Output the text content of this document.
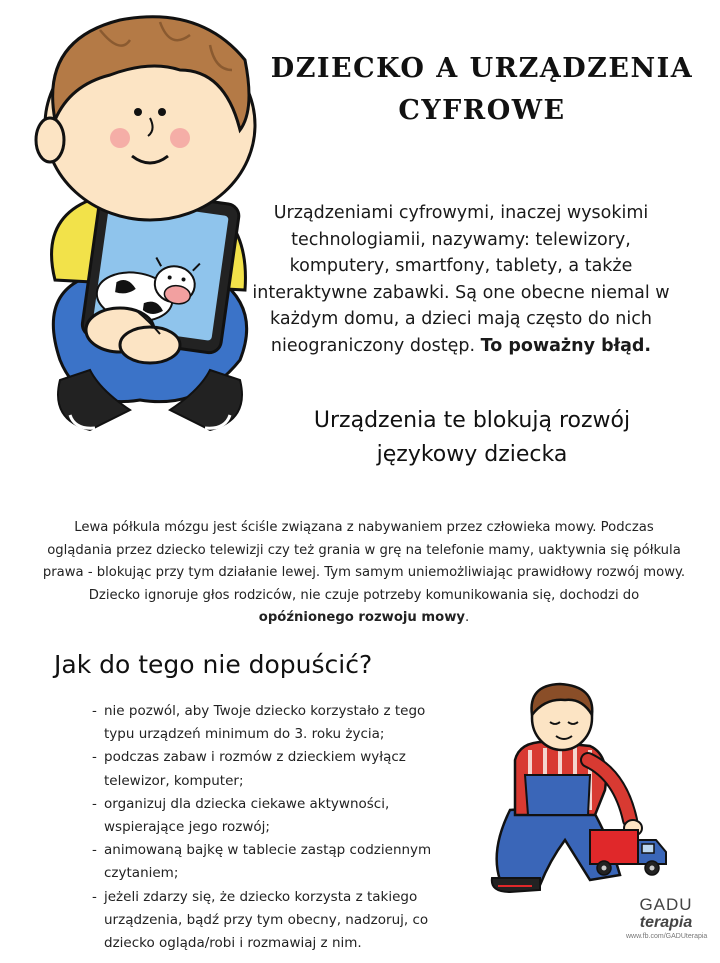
DZIECKO A URZĄDZENIA
CYFROWE
Urządzeniami cyfrowymi, inaczej wysokimi technologiamii, nazywamy: telewizory, komputery, smartfony, tablety, a także interaktywne zabawki. Są one obecne niemal w każdym domu, a dzieci mają często do nich nieograniczony dostęp. To poważny błąd.
Urządzenia te blokują rozwój
językowy dziecka
Lewa półkula mózgu jest ściśle związana z nabywaniem przez człowieka mowy. Podczas oglądania przez dziecko telewizji czy też grania w grę na telefonie mamy, uaktywnia się półkula prawa - blokując przy tym działanie lewej. Tym samym uniemożliwiając prawidłowy rozwój mowy. Dziecko ignoruje głos rodziców, nie czuje potrzeby komunikowania się, dochodzi do opóźnionego rozwoju mowy.
Jak do tego nie dopuścić?
- nie pozwól, aby Twoje dziecko korzystało z tego typu urządzeń minimum do 3. roku życia;
- podczas zabaw i rozmów z dzieckiem wyłącz telewizor, komputer;
- organizuj dla dziecka ciekawe aktywności, wspierające jego rozwój;
- animowaną bajkę w tablecie zastąp codziennym czytaniem;
- jeżeli zdarzy się, że dziecko korzysta z takiego urządzenia, bądź przy tym obecny, nadzoruj, co dziecko ogląda/robi i rozmawiaj z nim.
GADU
terapia
www.fb.com/GADUterapia
